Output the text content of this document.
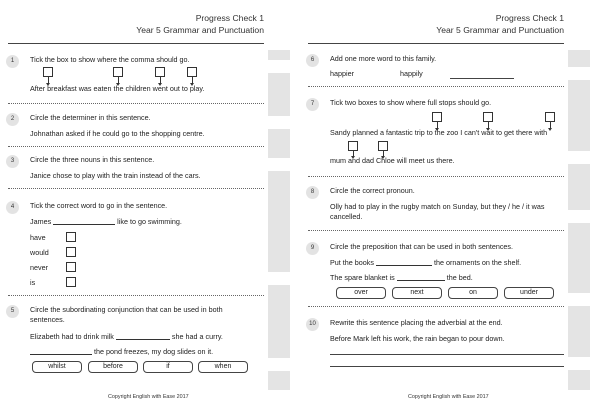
Progress Check 1
Year 5 Grammar and Punctuation
1	Tick the box to show where the comma should go.
After breakfast was eaten the children went out to play.
2	Circle the determiner in this sentence.
Johnathan asked if he could go to the shopping centre.
3	Circle the three nouns in this sentence.
Janice chose to play with the train instead of the cars.
4	Tick the correct word to go in the sentence.
James	like to go swimming.
have
would
never
is
5	Circle the subordinating conjunction that can be used in both
sentences.
Elizabeth had to drink milk	she had a curry.
the pond freezes, my dog slides on it.
whilst	before	if	when
Copyright English with Ease 2017
Progress Check 1
Year 5 Grammar and Punctuation
6	Add one more word to this family.
happier	happily
7	Tick two boxes to show where full stops should go.
Sandy planned a fantastic trip to the zoo I can't wait to get there with
mum and dad Chloe will meet us there.
8	Circle the correct pronoun.
Olly had to play in the rugby match on Sunday, but they / he / it was
cancelled.
9	Circle the preposition that can be used in both sentences.
Put the books	the ornaments on the shelf.
The spare blanket is	the bed.
over	next	on	under
10	Rewrite this sentence placing the adverbial at the end.
Before Mark left his work, the rain began to pour down.
Copyright English with Ease 2017
